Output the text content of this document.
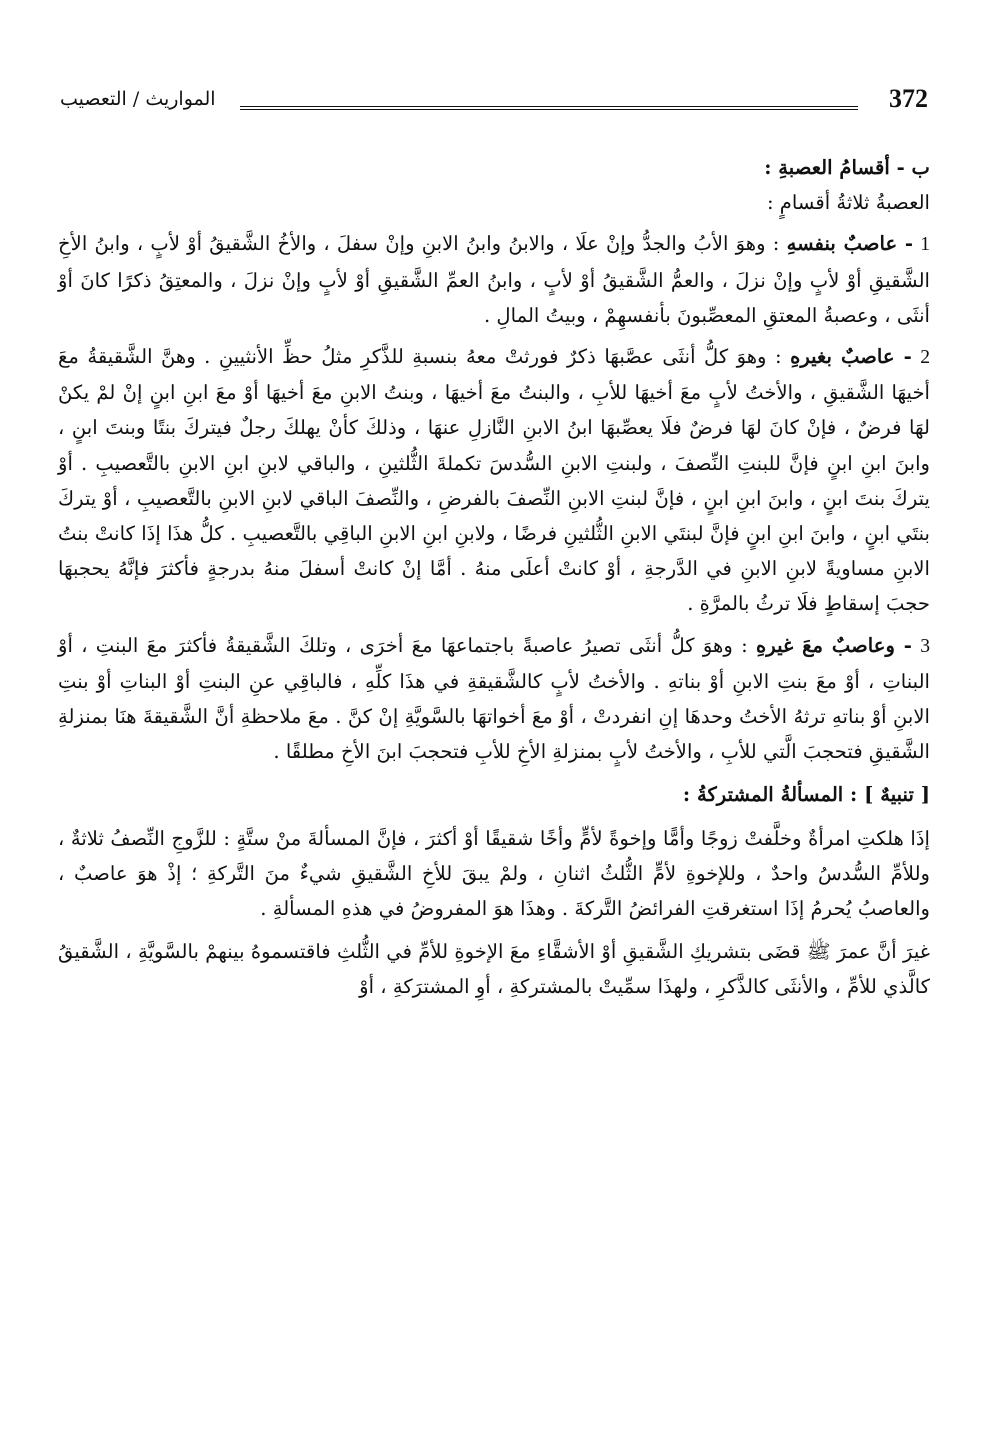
372
المواريث / التعصيب

ب - أقسامُ العصبةِ :

العصبةُ ثلاثةُ أقسامٍ :

1 - عاصبٌ بنفسهِ : وهوَ الأبُ والجدُّ وإنْ علَا ، والابنُ وابنُ الابنِ وإنْ سفلَ ، والأخُ الشَّقيقُ أوْ لأبٍ ، وابنُ الأخِ الشَّقيقِ أوْ لأبٍ وإنْ نزلَ ، والعمُّ الشَّقيقُ أوْ لأبٍ ، وابنُ العمِّ الشَّقيقِ أوْ لأبٍ وإنْ نزلَ ، والمعتِقُ ذكرًا كانَ أوْ أنثَى ، وعصبةُ المعتقِ المعصِّبونَ بأنفسهِمْ ، وبيتُ المالِ .

2 - عاصبٌ بغيرهِ : وهوَ كلُّ أنثَى عصَّبهَا ذكرٌ فورثتْ معهُ بنسبةِ للذَّكرِ مثلُ حظِّ الأنثيينِ . وهنَّ الشَّقيقةُ معَ أخيهَا الشَّقيقِ ، والأختُ لأبٍ معَ أخيهَا للأبِ ، والبنتُ معَ أخيهَا ، وبنتُ الابنِ معَ أخيهَا أوْ معَ ابنِ ابنٍ إنْ لمْ يكنْ لهَا فرضٌ ، فإنْ كانَ لهَا فرضٌ فلَا يعصِّبهَا ابنُ الابنِ النَّازلِ عنهَا ، وذلكَ كأنْ يهلكَ رجلٌ فيتركَ بنتًا وبنتَ ابنٍ ، وابنَ ابنِ ابنٍ فإنَّ للبنتِ النِّصفَ ، ولبنتِ الابنِ السُّدسَ تكملةَ الثُّلثينِ ، والباقي لابنِ ابنِ الابنِ بالتَّعصيبِ . أوْ يتركَ بنتَ ابنٍ ، وابنَ ابنِ ابنٍ ، فإنَّ لبنتِ الابنِ النِّصفَ بالفرضِ ، والنِّصفَ الباقي لابنِ الابنِ بالتَّعصيبِ ، أوْ يتركَ بنتَي ابنٍ ، وابنَ ابنِ ابنٍ فإنَّ لبنتَي الابنِ الثُّلثينِ فرضًا ، ولابنِ ابنِ الابنِ الباقِي بالتَّعصيبِ . كلُّ هذَا إذَا كانتْ بنتُ الابنِ مساويةً لابنِ الابنِ في الدَّرجةِ ، أوْ كانتْ أعلَى منهُ . أمَّا إنْ كانتْ أسفلَ منهُ بدرجةٍ فأكثرَ فإنَّهُ يحجبهَا حجبَ إسقاطٍ فلَا ترثُ بالمرَّةِ .

3 - وعاصبٌ معَ غيرهِ : وهوَ كلُّ أنثَى تصيرُ عاصبةً باجتماعهَا معَ أخرَى ، وتلكَ الشَّقيقةُ فأكثرَ معَ البنتِ ، أوْ البناتِ ، أوْ معَ بنتِ الابنِ أوْ بناتهِ . والأختُ لأبٍ كالشَّقيقةِ في هذَا كلِّهِ ، فالباقِي عنِ البنتِ أوْ البناتِ أوْ بنتِ الابنِ أوْ بناتهِ ترثهُ الأختُ وحدهَا إنِ انفردتْ ، أوْ معَ أخواتهَا بالسَّويَّةِ إنْ كنَّ . معَ ملاحظةِ أنَّ الشَّقيقةَ هنَا بمنزلةِ الشَّقيقِ فتحجبَ الَّتي للأبِ ، والأختُ لأبٍ بمنزلةِ الأخِ للأبِ فتحجبَ ابنَ الأخِ مطلقًا .

[ تنبيهٌ ] : المسألةُ المشتركةُ :

إذَا هلكتِ امرأةٌ وخلَّفتْ زوجًا وأمًّا وإخوةً لأمٍّ وأخًا شقيقًا أوْ أكثرَ ، فإنَّ المسألةَ منْ ستَّةٍ : للزَّوجِ النِّصفُ ثلاثةٌ ، وللأمِّ السُّدسُ واحدٌ ، وللإخوةِ لأمٍّ الثُّلثُ اثنانِ ، ولمْ يبقَ للأخِ الشَّقيقِ شيءٌ منَ التَّركةِ ؛ إذْ هوَ عاصبٌ ، والعاصبُ يُحرمُ إذَا استغرقتِ الفرائضُ التَّركةَ . وهذَا هوَ المفروضُ في هذهِ المسألةِ .

غيرَ أنَّ عمرَ ﷺ قضَى بتشريكِ الشَّقيقِ أوْ الأشقَّاءِ معَ الإخوةِ للأمِّ في الثُّلثِ فاقتسموهُ بينهمْ بالسَّويَّةِ ، الشَّقيقُ كالَّذي للأمِّ ، والأنثَى كالذَّكرِ ، ولهذَا سمِّيتْ بالمشتركةِ ، أوِ المشترَكةِ ، أوْ
